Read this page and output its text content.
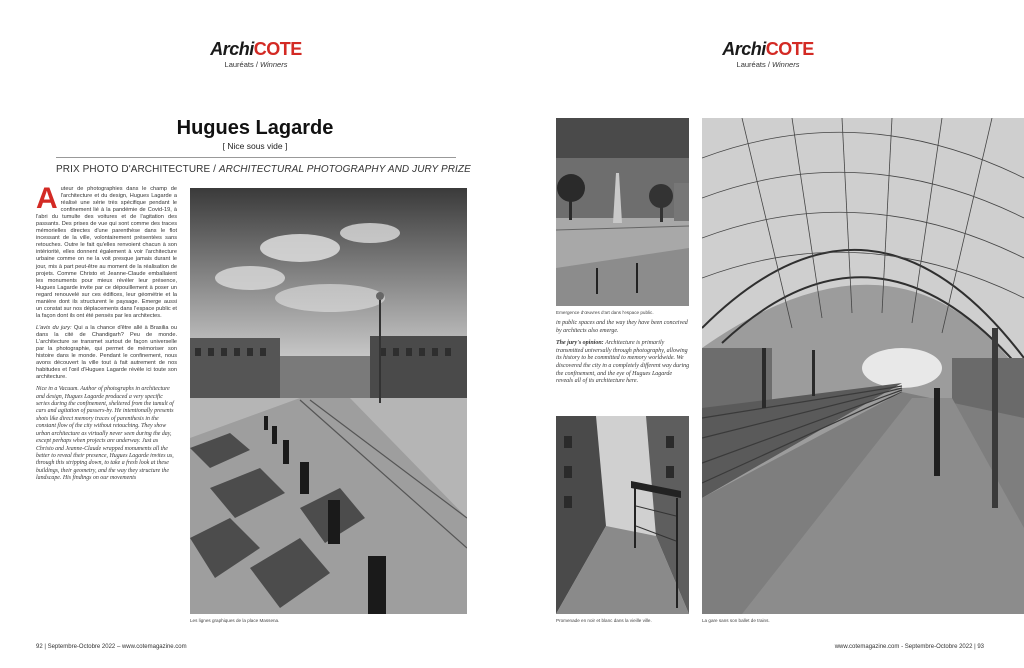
ArchiCOTE
Lauréats / Winners
Hugues Lagarde
[ Nice sous vide ]
PRIX PHOTO D'ARCHITECTURE / ARCHITECTURAL PHOTOGRAPHY AND JURY PRIZE

Auteur de photographies dans le champ de l'architecture et du design, Hugues Lagarde a réalisé une série très spécifique pendant le confinement lié à la pandémie de Covid-19, à l'abri du tumulte des voitures et de l'agitation des passants. Des prises de vue qui sont comme des traces mémorielles directes d'une parenthèse dans le flot incessant de la ville, volontairement présentées sans retouches. Outre le fait qu'elles renvoient chacun à son intériorité, elles donnent également à voir l'architecture urbaine comme on ne la voit presque jamais durant le jour, mis à part peut-être au moment de la réalisation de projets. Comme Christo et Jeanne-Claude emballaient les monuments pour mieux révéler leur présence, Hugues Lagarde invite par ce dépouillement à poser un regard renouvelé sur ces édifices, leur géométrie et la manière dont ils structurent le paysage. Emerge aussi un constat sur nos déplacements dans l'espace public et la façon dont ils ont été pensés par les architectes.

L'avis du jury: Qui a la chance d'être allé à Brasilia ou dans la cité de Chandigarh? Peu de monde. L'architecture se transmet surtout de façon universelle par la photographie, qui permet de mémoriser son histoire dans le monde. Pendant le confinement, nous avons découvert la ville tout à fait autrement de nos habitudes et l'œil d'Hugues Lagarde révèle ici toute son architecture.

Nice in a Vacuum. Author of photographs in architecture and design, Hugues Lagarde produced a very specific series during the confinement, sheltered from the tumult of cars and agitation of passers-by. He intentionally presents shots like direct memory traces of parenthesis in the constant flow of the city without retouching. They show urban architecture as virtually never seen during the day, except perhaps when projects are underway. Just as Christo and Jeanne-Claude wrapped monuments all the better to reveal their presence, Hugues Lagarde invites us, through this stripping down, to take a fresh look at these buildings, their geometry, and the way they structure the landscape. His findings on our movements

Les lignes graphiques de la place Massena.
92 | Septembre-Octobre 2022 – www.cotemagazine.com
ArchiCOTE
Lauréats / Winners
www.cotemagazine.com - Septembre-Octobre 2022 | 93
Emergence d'œuvres d'art dans l'espace public.

in public spaces and the way they have been conceived by architects also emerge.

The jury's opinion: Architecture is primarily transmitted universally through photography, allowing its history to be committed to memory worldwide. We discovered the city in a completely different way during the confinement, and the eye of Hugues Lagarde reveals all of its architecture here.

Promenade en noir et blanc dans la vieille ville.	La gare sans son ballet de trains.
